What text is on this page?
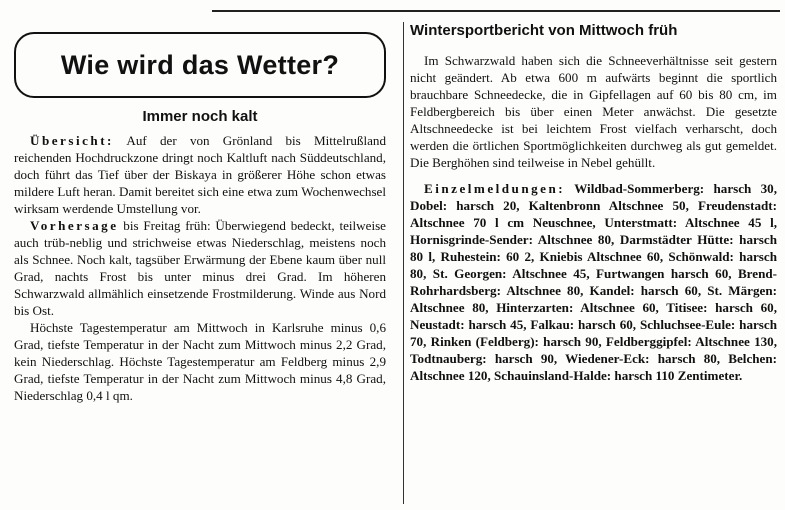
Wie wird das Wetter?
Immer noch kalt

Übersicht: Auf der von Grönland bis Mittelrußland reichenden Hochdruckzone dringt noch Kaltluft nach Süddeutschland, doch führt das Tief über der Biskaya in größerer Höhe schon etwas mildere Luft heran. Damit bereitet sich eine etwa zum Wochenwechsel wirksam werdende Umstellung vor.

Vorhersage bis Freitag früh: Überwiegend bedeckt, teilweise auch trüb-neblig und strichweise etwas Niederschlag, meistens noch als Schnee. Noch kalt, tagsüber Erwärmung der Ebene kaum über null Grad, nachts Frost bis unter minus drei Grad. Im höheren Schwarzwald allmählich einsetzende Frostmilderung. Winde aus Nord bis Ost.

Höchste Tagestemperatur am Mittwoch in Karlsruhe minus 0,6 Grad, tiefste Temperatur in der Nacht zum Mittwoch minus 2,2 Grad, kein Niederschlag. Höchste Tagestemperatur am Feldberg minus 2,9 Grad, tiefste Temperatur in der Nacht zum Mittwoch minus 4,8 Grad, Niederschlag 0,4 l qm.

Wintersportbericht von Mittwoch früh

Im Schwarzwald haben sich die Schneeverhältnisse seit gestern nicht geändert. Ab etwa 600 m aufwärts beginnt die sportlich brauchbare Schneedecke, die in Gipfellagen auf 60 bis 80 cm, im Feldbergbereich bis über einen Meter anwächst. Die gesetzte Altschneedecke ist bei leichtem Frost vielfach verharscht, doch werden die örtlichen Sportmöglichkeiten durchweg als gut gemeldet. Die Berghöhen sind teilweise in Nebel gehüllt.

Einzelmeldungen: Wildbad-Sommerberg: harsch 30, Dobel: harsch 20, Kaltenbronn Altschnee 50, Freudenstadt: Altschnee 70 l cm Neuschnee, Unterstmatt: Altschnee 45 l, Hornisgrinde-Sender: Altschnee 80, Darmstädter Hütte: harsch 80 l, Ruhestein: 60 2, Kniebis Altschnee 60, Schönwald: harsch 80, St. Georgen: Altschnee 45, Furtwangen harsch 60, Brend-Rohrhardsberg: Altschnee 80, Kandel: harsch 60, St. Märgen: Altschnee 80, Hinterzarten: Altschnee 60, Titisee: harsch 60, Neustadt: harsch 45, Falkau: harsch 60, Schluchsee-Eule: harsch 70, Rinken (Feldberg): harsch 90, Feldberggipfel: Altschnee 130, Todtnauberg: harsch 90, Wiedener-Eck: harsch 80, Belchen: Altschnee 120, Schauinsland-Halde: harsch 110 Zentimeter.
